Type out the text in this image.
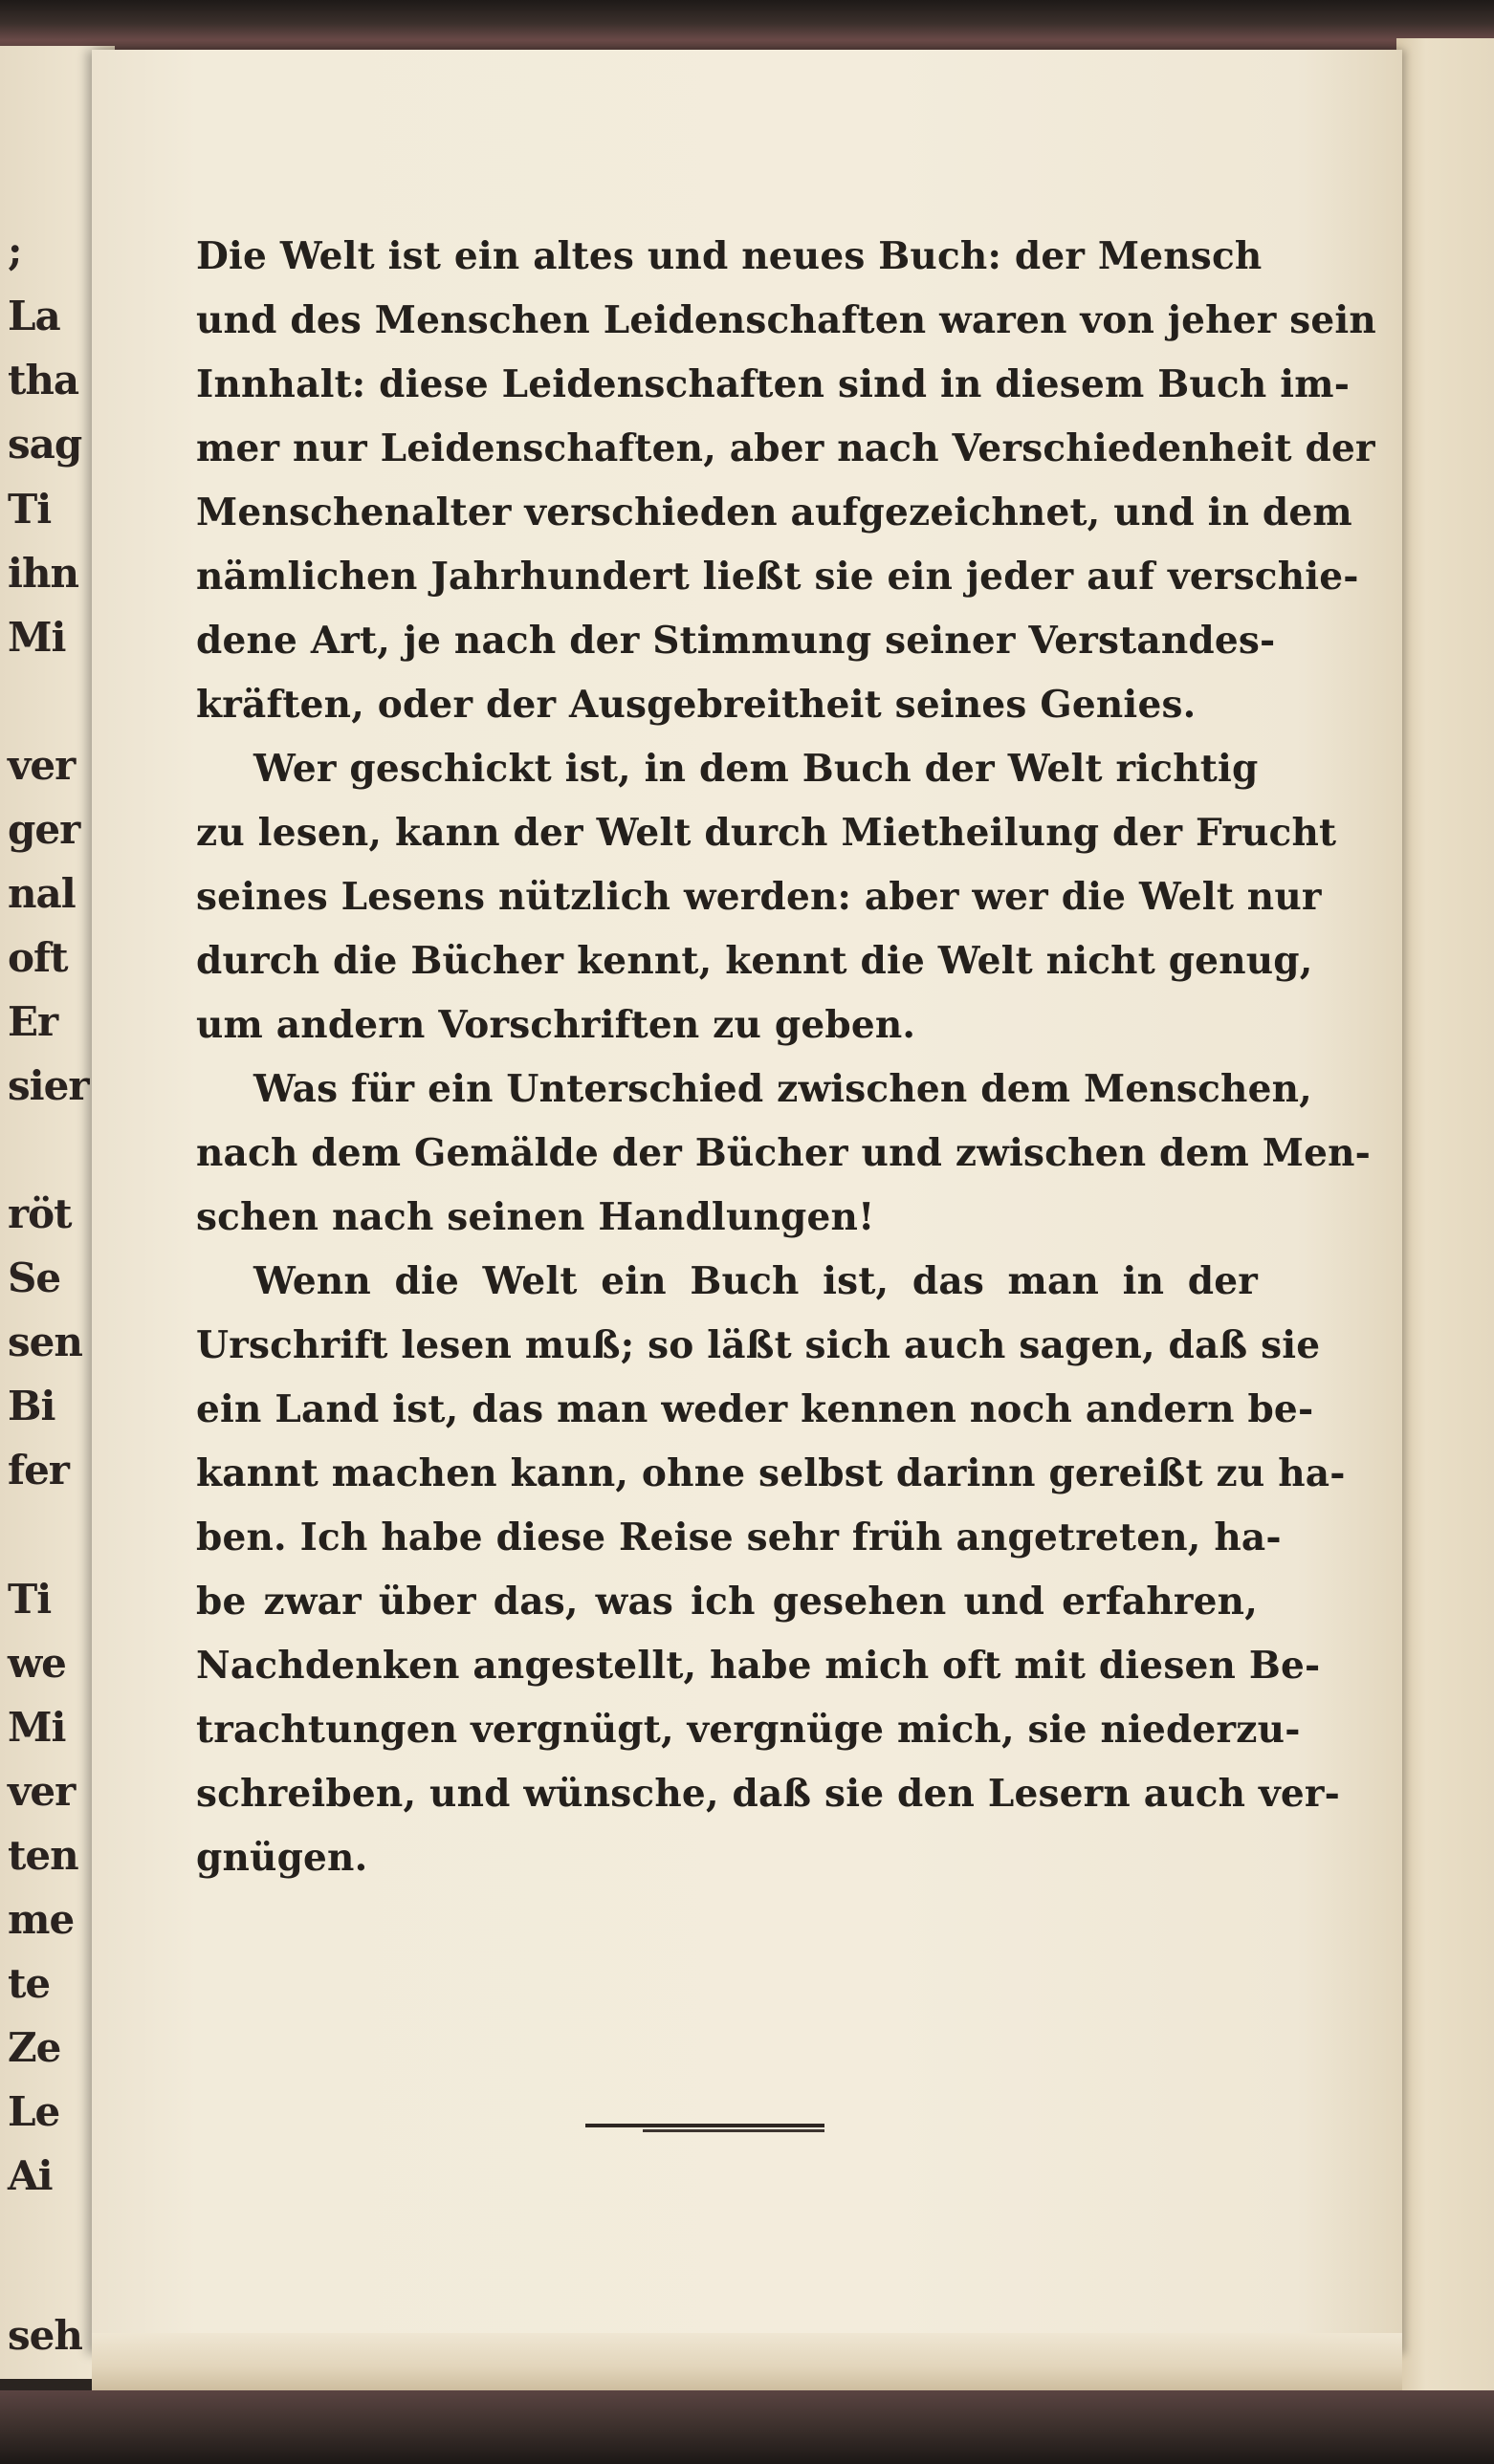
;
La
tha
sag
Ti
ihn
Mi
ver
ger
nal
oft
Er
sier
röt
Se
sen
Bi
fer
Ti
we
Mi
ver
ten
me
te
Ze
Le
Ai
seh
Die Welt ist ein altes und neues Buch: der Mensch
und des Menschen Leidenschaften waren von jeher sein
Innhalt: diese Leidenschaften sind in diesem Buch im-
mer nur Leidenschaften, aber nach Verschiedenheit der
Menschenalter verschieden aufgezeichnet, und in dem
nämlichen Jahrhundert ließt sie ein jeder auf verschie-
dene Art, je nach der Stimmung seiner Verstandes-
kräften, oder der Ausgebreitheit seines Genies.
Wer geschickt ist, in dem Buch der Welt richtig
zu lesen, kann der Welt durch Mietheilung der Frucht
seines Lesens nützlich werden: aber wer die Welt nur
durch die Bücher kennt, kennt die Welt nicht genug,
um andern Vorschriften zu geben.
Was für ein Unterschied zwischen dem Menschen,
nach dem Gemälde der Bücher und zwischen dem Men-
schen nach seinen Handlungen!
Wenn die Welt ein Buch ist, das man in der
Urschrift lesen muß; so läßt sich auch sagen, daß sie
ein Land ist, das man weder kennen noch andern be-
kannt machen kann, ohne selbst darinn gereißt zu ha-
ben. Ich habe diese Reise sehr früh angetreten, ha-
be zwar über das, was ich gesehen und erfahren,
Nachdenken angestellt, habe mich oft mit diesen Be-
trachtungen vergnügt, vergnüge mich, sie niederzu-
schreiben, und wünsche, daß sie den Lesern auch ver-
gnügen.
